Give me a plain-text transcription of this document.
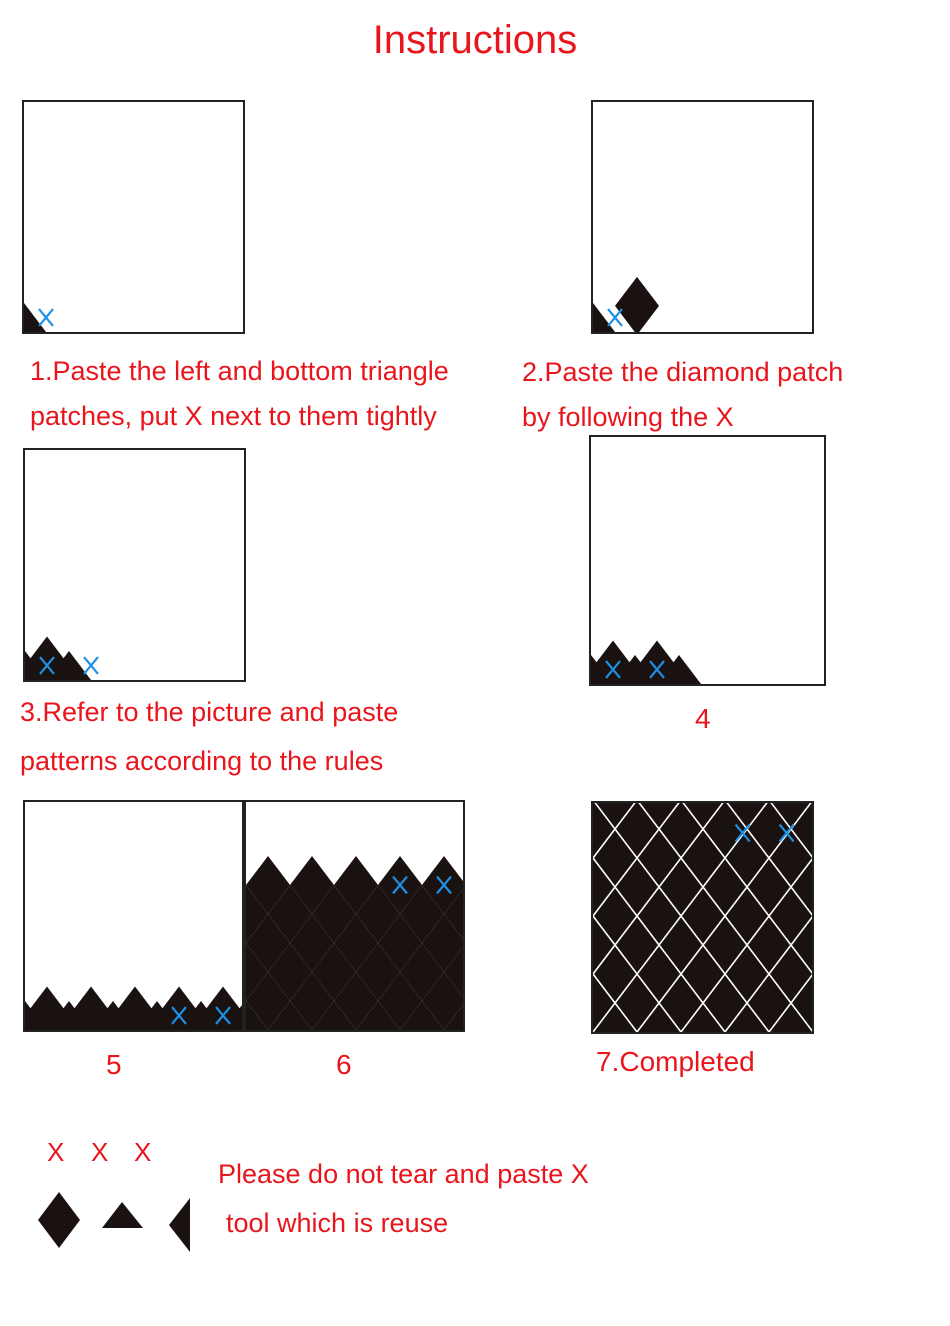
Instructions
1.Paste the left and bottom triangle
patches, put X next to them tightly
2.Paste the diamond patch
by following the X
3.Refer to the picture and paste
patterns according to the rules
4
5	6	7.Completed
X X X
Please do not tear and paste X
tool which is reuse
